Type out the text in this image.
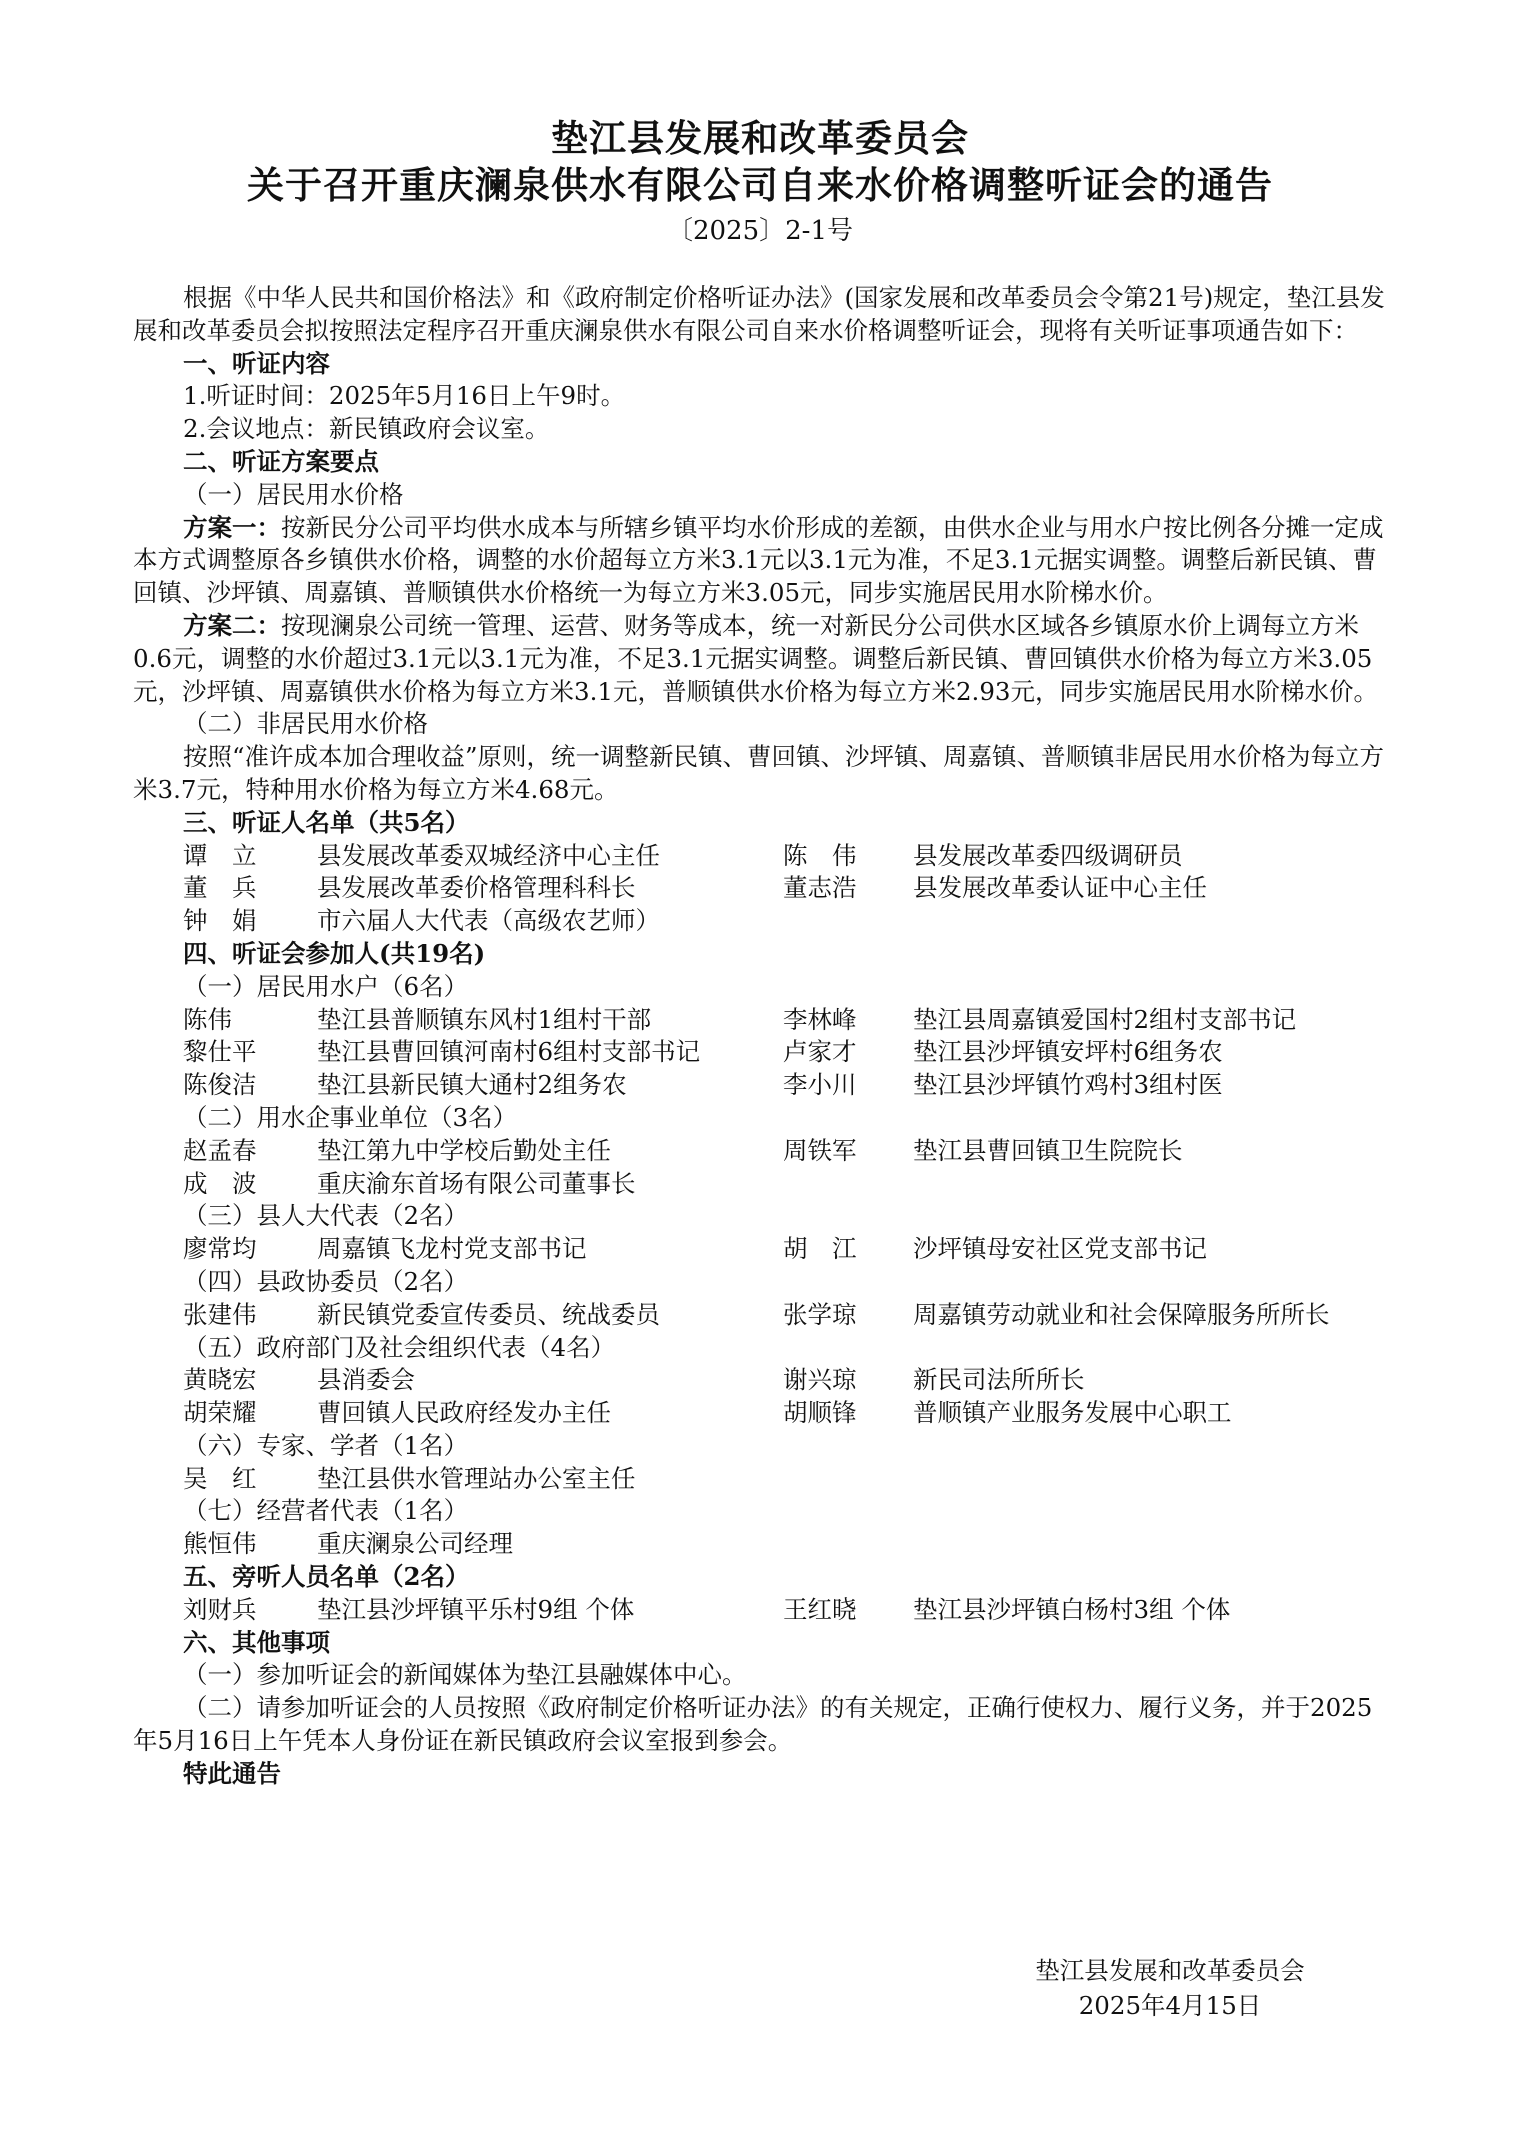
垫江县发展和改革委员会
关于召开重庆澜泉供水有限公司自来水价格调整听证会的通告
〔2025〕2-1号

根据《中华人民共和国价格法》和《政府制定价格听证办法》(国家发展和改革委员会令第21号)规定，垫江县发展和改革委员会拟按照法定程序召开重庆澜泉供水有限公司自来水价格调整听证会，现将有关听证事项通告如下：

一、听证内容

1.听证时间：2025年5月16日上午9时。

2.会议地点：新民镇政府会议室。

二、听证方案要点

（一）居民用水价格

方案一：按新民分公司平均供水成本与所辖乡镇平均水价形成的差额，由供水企业与用水户按比例各分摊一定成本方式调整原各乡镇供水价格，调整的水价超每立方米3.1元以3.1元为准，不足3.1元据实调整。调整后新民镇、曹回镇、沙坪镇、周嘉镇、普顺镇供水价格统一为每立方米3.05元，同步实施居民用水阶梯水价。

方案二：按现澜泉公司统一管理、运营、财务等成本，统一对新民分公司供水区域各乡镇原水价上调每立方米0.6元，调整的水价超过3.1元以3.1元为准，不足3.1元据实调整。调整后新民镇、曹回镇供水价格为每立方米3.05元，沙坪镇、周嘉镇供水价格为每立方米3.1元，普顺镇供水价格为每立方米2.93元，同步实施居民用水阶梯水价。

（二）非居民用水价格

按照“准许成本加合理收益”原则，统一调整新民镇、曹回镇、沙坪镇、周嘉镇、普顺镇非居民用水价格为每立方米3.7元，特种用水价格为每立方米4.68元。

三、听证人名单（共5名）

谭　立	县发展改革委双城经济中心主任	陈　伟	县发展改革委四级调研员
董　兵	县发展改革委价格管理科科长	董志浩	县发展改革委认证中心主任
钟　娟	市六届人大代表（高级农艺师）

四、听证会参加人(共19名)

（一）居民用水户（6名）

陈伟	垫江县普顺镇东风村1组村干部	李林峰	垫江县周嘉镇爱国村2组村支部书记
黎仕平	垫江县曹回镇河南村6组村支部书记	卢家才	垫江县沙坪镇安坪村6组务农
陈俊洁	垫江县新民镇大通村2组务农	李小川	垫江县沙坪镇竹鸡村3组村医

（二）用水企事业单位（3名）

赵孟春	垫江第九中学校后勤处主任	周铁军	垫江县曹回镇卫生院院长
成　波	重庆渝东首场有限公司董事长

（三）县人大代表（2名）

廖常均	周嘉镇飞龙村党支部书记	胡　江	沙坪镇母安社区党支部书记

（四）县政协委员（2名）

张建伟	新民镇党委宣传委员、统战委员	张学琼	周嘉镇劳动就业和社会保障服务所所长

（五）政府部门及社会组织代表（4名）

黄晓宏	县消委会	谢兴琼	新民司法所所长
胡荣耀	曹回镇人民政府经发办主任	胡顺锋	普顺镇产业服务发展中心职工

（六）专家、学者（1名）

吴　红	垫江县供水管理站办公室主任

（七）经营者代表（1名）

熊恒伟	重庆澜泉公司经理

五、旁听人员名单（2名）

刘财兵	垫江县沙坪镇平乐村9组 个体	王红晓	垫江县沙坪镇白杨村3组 个体

六、其他事项

（一）参加听证会的新闻媒体为垫江县融媒体中心。

（二）请参加听证会的人员按照《政府制定价格听证办法》的有关规定，正确行使权力、履行义务，并于2025年5月16日上午凭本人身份证在新民镇政府会议室报到参会。

特此通告

垫江县发展和改革委员会
2025年4月15日
